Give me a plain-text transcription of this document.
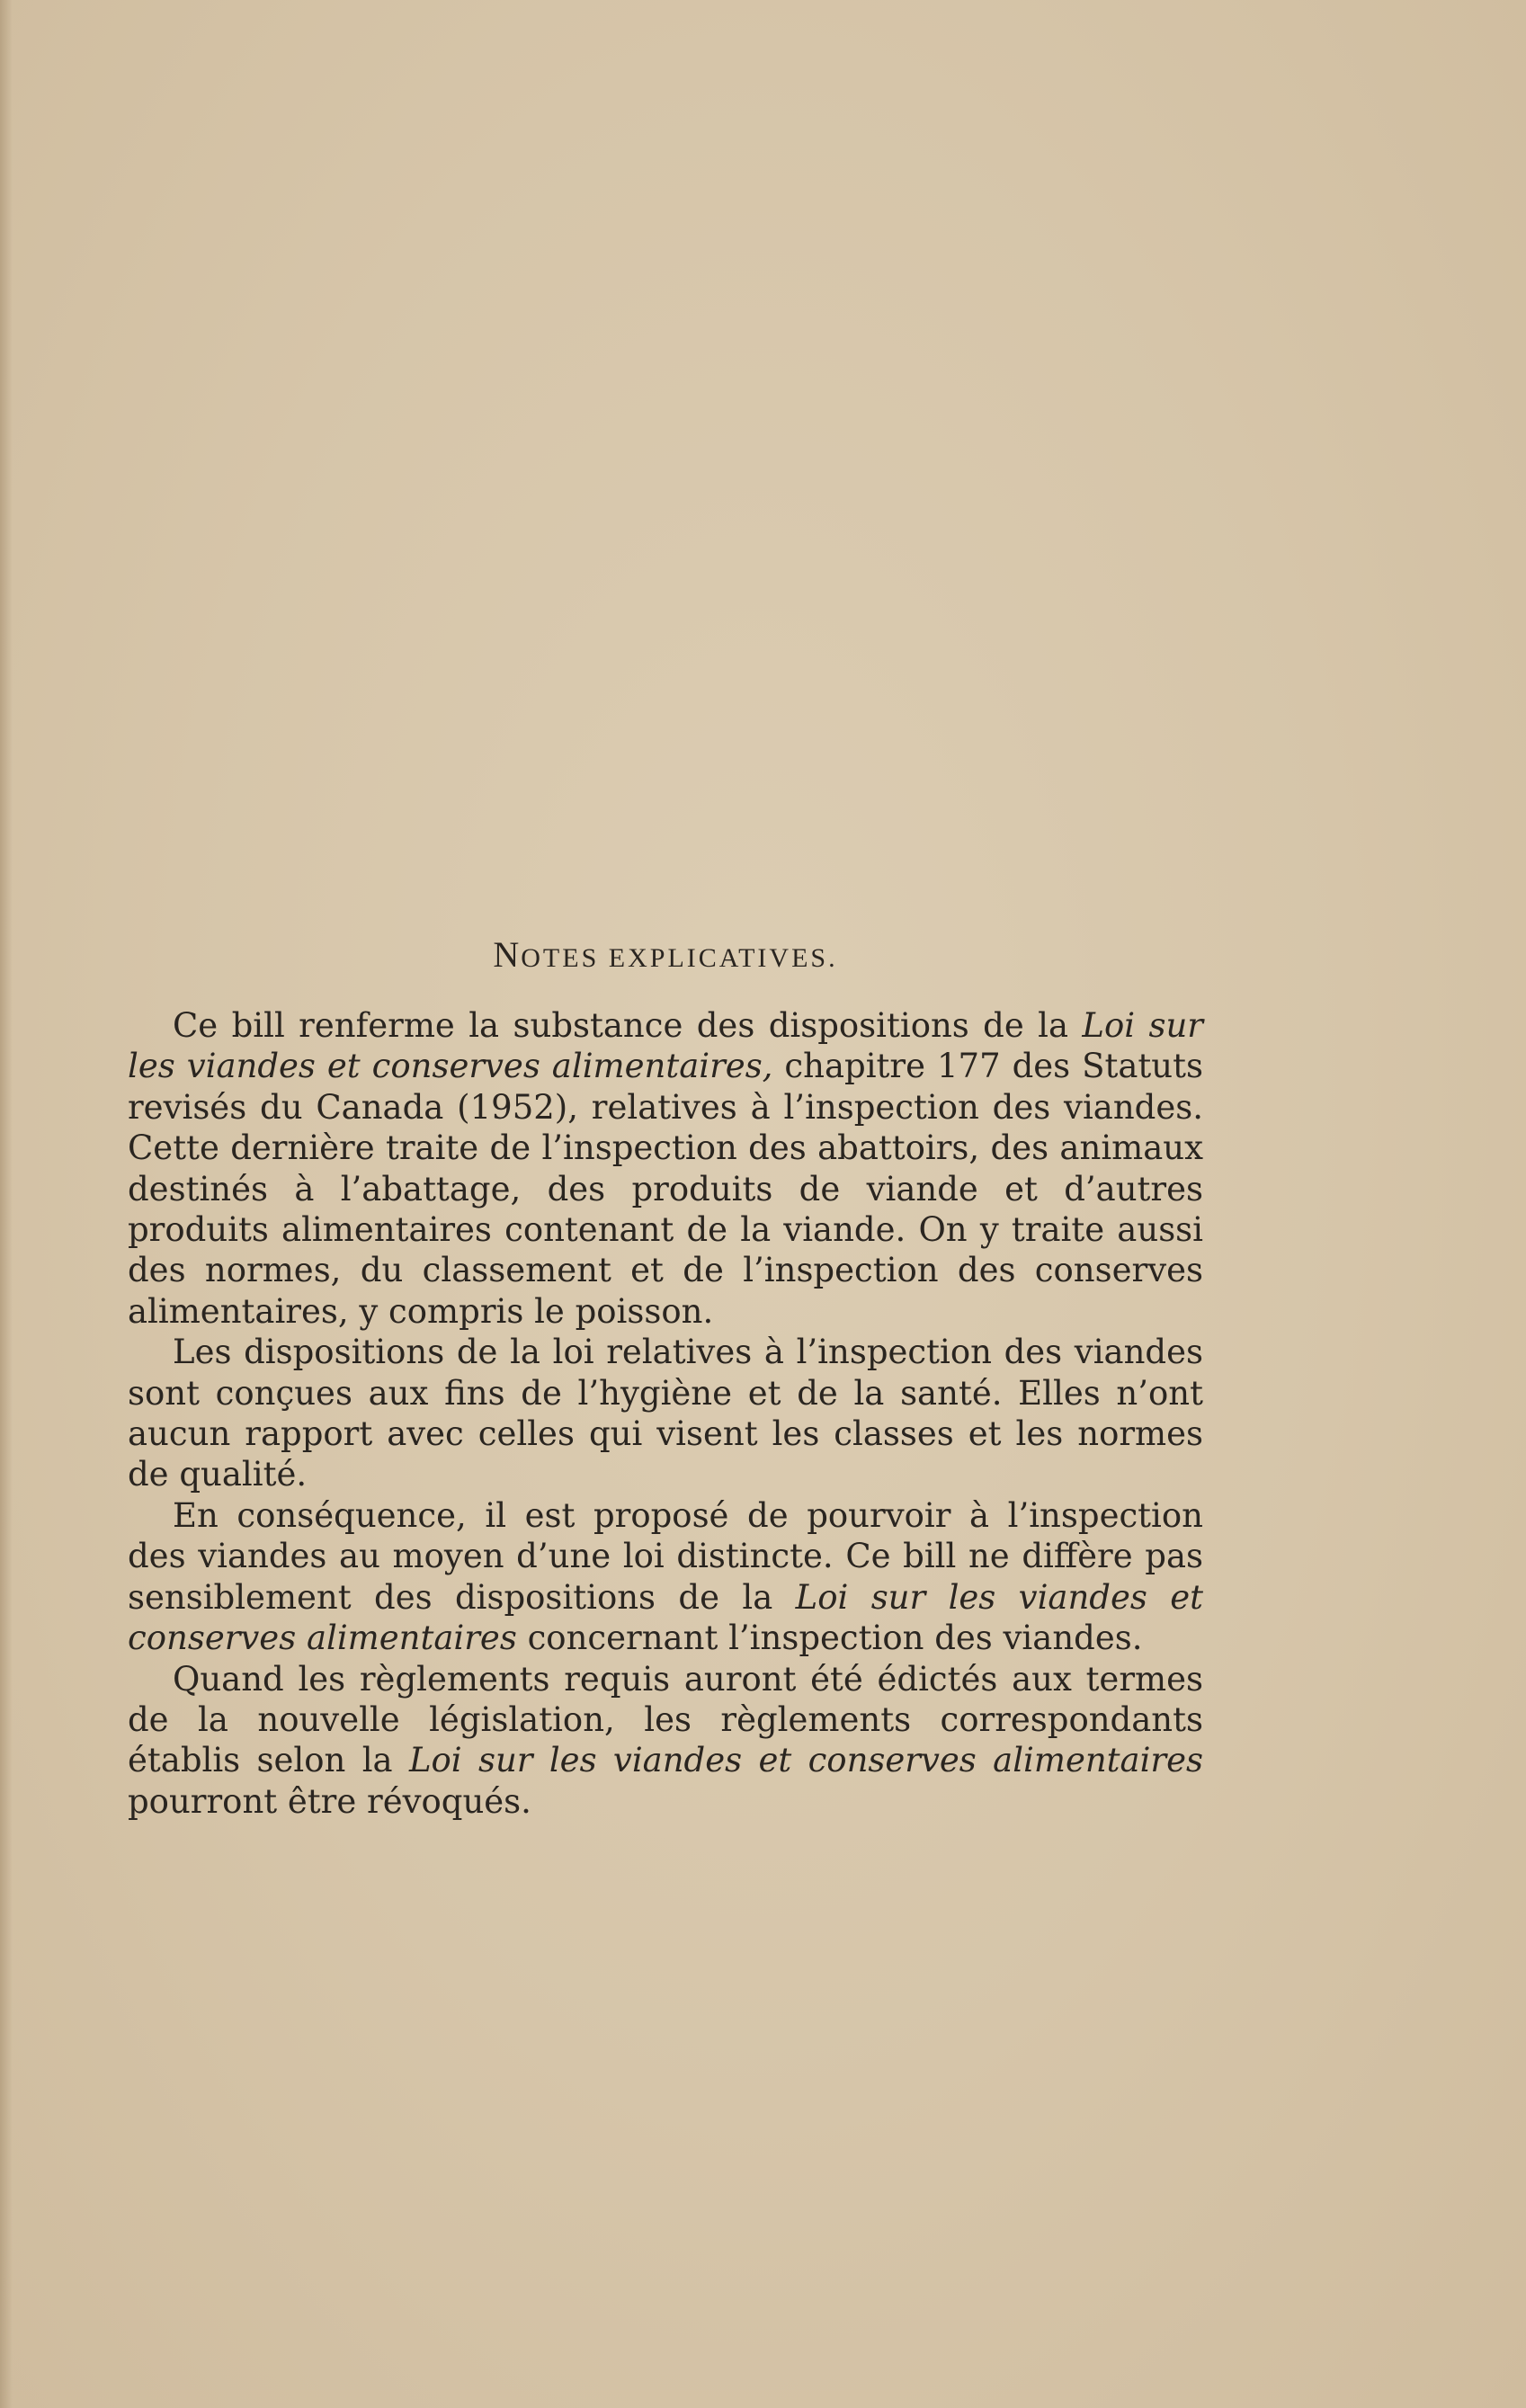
NOTES EXPLICATIVES.

Ce bill renferme la substance des dispositions de la Loi sur les viandes et conserves alimentaires, chapitre 177 des Statuts revisés du Canada (1952), relatives à l’inspection des viandes. Cette dernière traite de l’inspection des abattoirs, des animaux destinés à l’abattage, des produits de viande et d’autres produits alimentaires contenant de la viande. On y traite aussi des normes, du classement et de l’inspection des conserves alimentaires, y compris le poisson.

Les dispositions de la loi relatives à l’inspection des viandes sont conçues aux fins de l’hygiène et de la santé. Elles n’ont aucun rapport avec celles qui visent les classes et les normes de qualité.

En conséquence, il est proposé de pourvoir à l’inspection des viandes au moyen d’une loi distincte. Ce bill ne diffère pas sensiblement des dispositions de la Loi sur les viandes et conserves alimentaires concernant l’inspection des viandes.

Quand les règlements requis auront été édictés aux termes de la nouvelle législation, les règlements correspondants établis selon la Loi sur les viandes et conserves alimentaires pourront être révoqués.
